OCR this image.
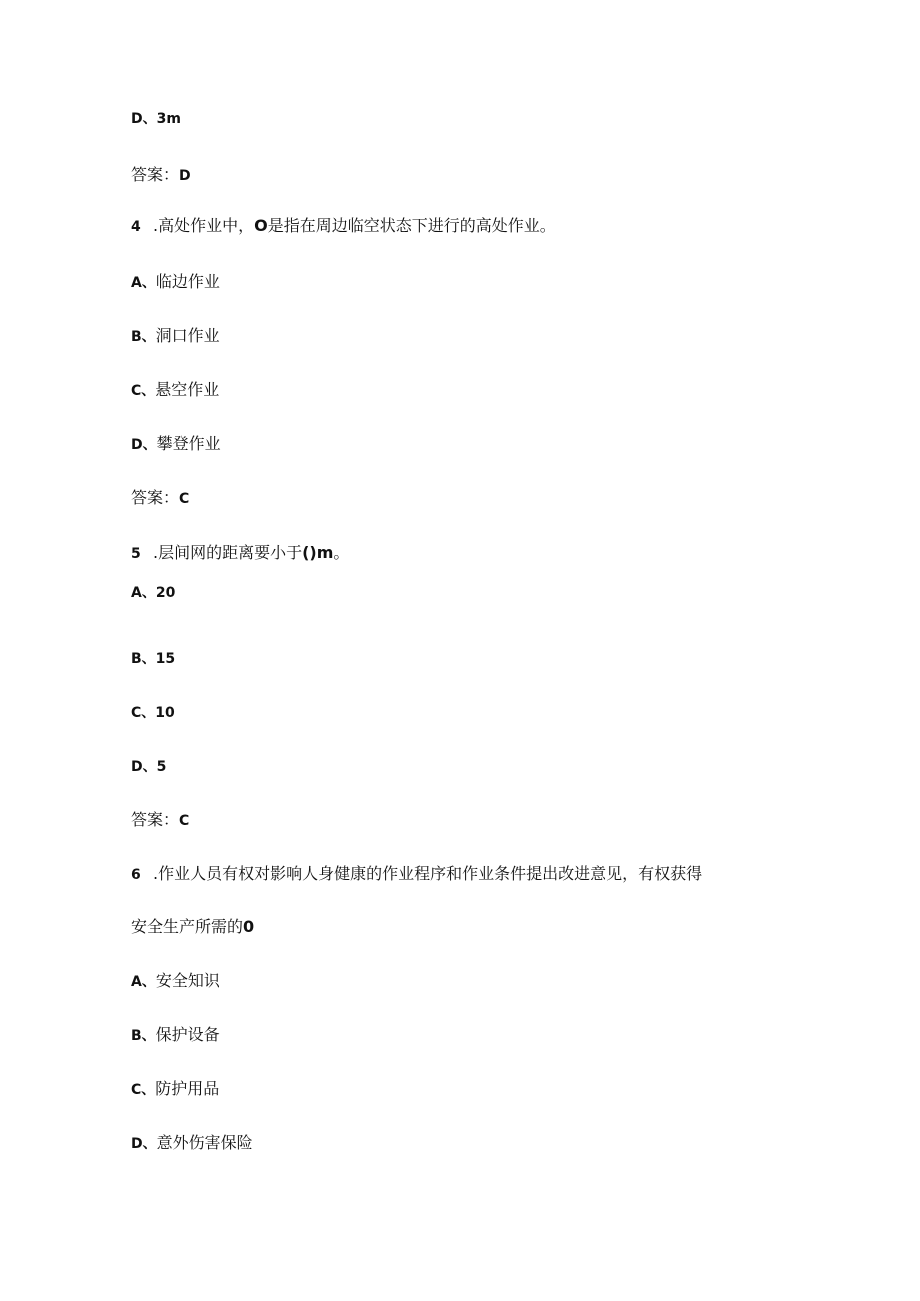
D、3m
答案：D
4 .高处作业中，O是指在周边临空状态下进行的高处作业。
A、临边作业
B、洞口作业
C、悬空作业
D、攀登作业
答案：C
5 .层间网的距离要小于()m。
A、20
B、15
C、10
D、5
答案：C
6 .作业人员有权对影响人身健康的作业程序和作业条件提出改进意见，有权获得
安全生产所需的0
A、安全知识
B、保护设备
C、防护用品
D、意外伤害保险
